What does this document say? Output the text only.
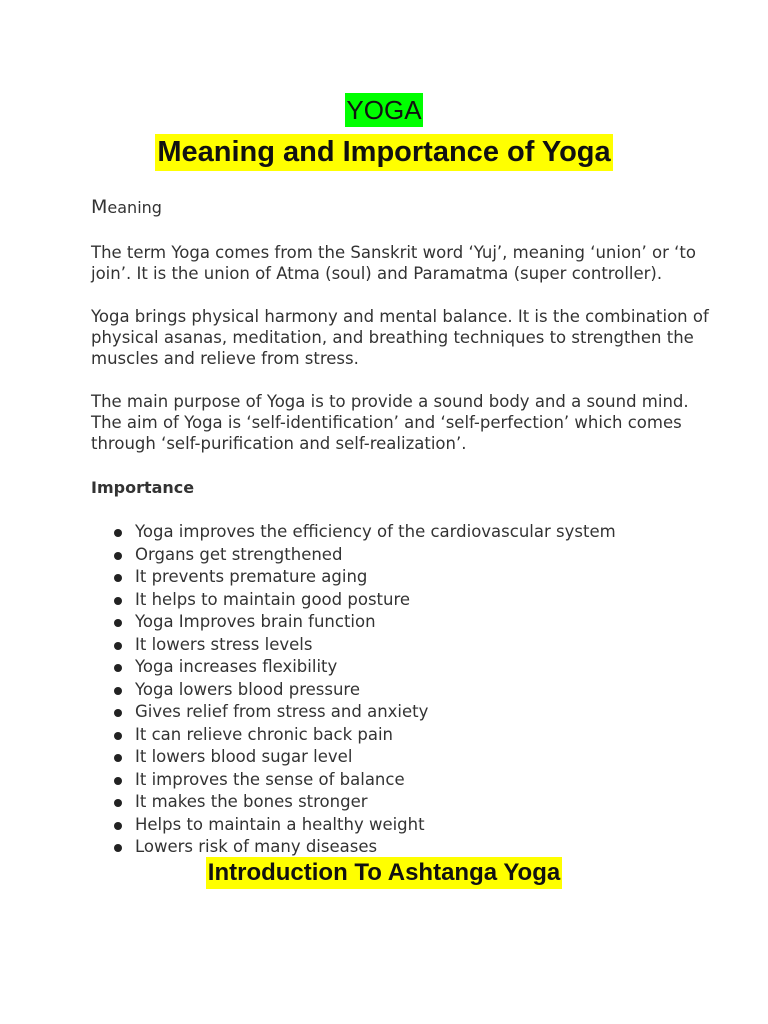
YOGA
Meaning and Importance of Yoga
Meaning

The term Yoga comes from the Sanskrit word ‘Yuj’, meaning ‘union’ or ‘to
join’. It is the union of Atma (soul) and Paramatma (super controller).

Yoga brings physical harmony and mental balance. It is the combination of
physical asanas, meditation, and breathing techniques to strengthen the
muscles and relieve from stress.

The main purpose of Yoga is to provide a sound body and a sound mind.
The aim of Yoga is ‘self-identification’ and ‘self-perfection’ which comes
through ‘self-purification and self-realization’.

Importance
Yoga improves the efficiency of the cardiovascular system
Organs get strengthened
It prevents premature aging
It helps to maintain good posture
Yoga Improves brain function
It lowers stress levels
Yoga increases flexibility
Yoga lowers blood pressure
Gives relief from stress and anxiety
It can relieve chronic back pain
It lowers blood sugar level
It improves the sense of balance
It makes the bones stronger
Helps to maintain a healthy weight
Lowers risk of many diseases
Introduction To Ashtanga Yoga
